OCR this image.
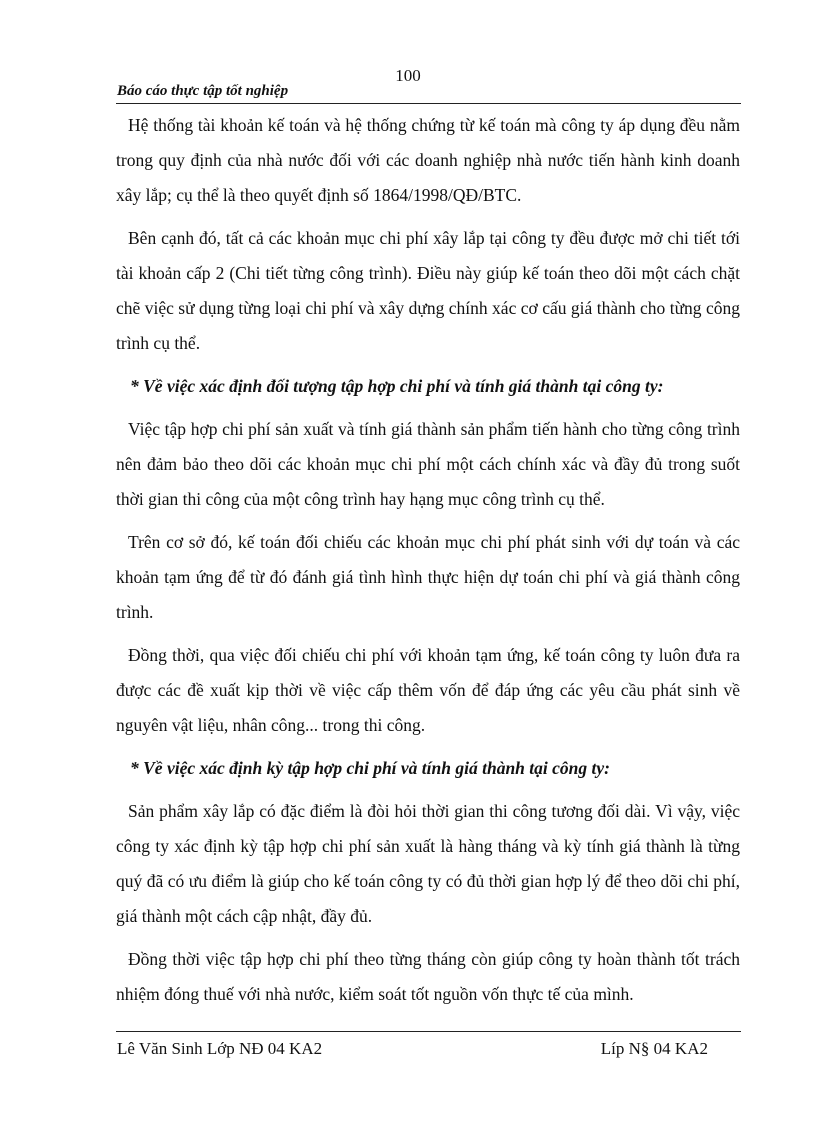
100
Báo cáo thực tập tốt nghiệp

Hệ thống tài khoản kế toán và hệ thống chứng từ kế toán mà công ty áp dụng đều nằm trong quy định của nhà nước đối với các doanh nghiệp nhà nước tiến hành kinh doanh xây lắp; cụ thể là theo quyết định số 1864/1998/QĐ/BTC.

Bên cạnh đó, tất cả các khoản mục chi phí xây lắp tại công ty đều được mở chi tiết tới tài khoản cấp 2 (Chi tiết từng công trình). Điều này giúp kế toán theo dõi một cách chặt chẽ việc sử dụng từng loại chi phí và xây dựng chính xác cơ cấu giá thành cho từng công trình cụ thể.

* Về việc xác định đối tượng tập hợp chi phí và tính giá thành tại công ty:

Việc tập hợp chi phí sản xuất và tính giá thành sản phẩm tiến hành cho từng công trình nên đảm bảo theo dõi các khoản mục chi phí một cách chính xác và đầy đủ trong suốt thời gian thi công của một công trình hay hạng mục công trình cụ thể.

Trên cơ sở đó, kế toán đối chiếu các khoản mục chi phí phát sinh với dự toán và các khoản tạm ứng để từ đó đánh giá tình hình thực hiện dự toán chi phí và giá thành công trình.

Đồng thời, qua việc đối chiếu chi phí với khoản tạm ứng, kế toán công ty luôn đưa ra được các đề xuất kịp thời về việc cấp thêm vốn để đáp ứng các yêu cầu phát sinh về nguyên vật liệu, nhân công... trong thi công.

* Về việc xác định kỳ tập hợp chi phí và tính giá thành tại công ty:

Sản phẩm xây lắp có đặc điểm là đòi hỏi thời gian thi công tương đối dài. Vì vậy, việc công ty xác định kỳ tập hợp chi phí sản xuất là hàng tháng và kỳ tính giá thành là từng quý đã có ưu điểm là giúp cho kế toán công ty có đủ thời gian hợp lý để theo dõi chi phí, giá thành một cách cập nhật, đầy đủ.

Đồng thời việc tập hợp chi phí theo từng tháng còn giúp công ty hoàn thành tốt trách nhiệm đóng thuế với nhà nước, kiểm soát tốt nguồn vốn thực tế của mình.

Lê Văn Sinh Lớp NĐ 04 KA2	Líp N§ 04 KA2
